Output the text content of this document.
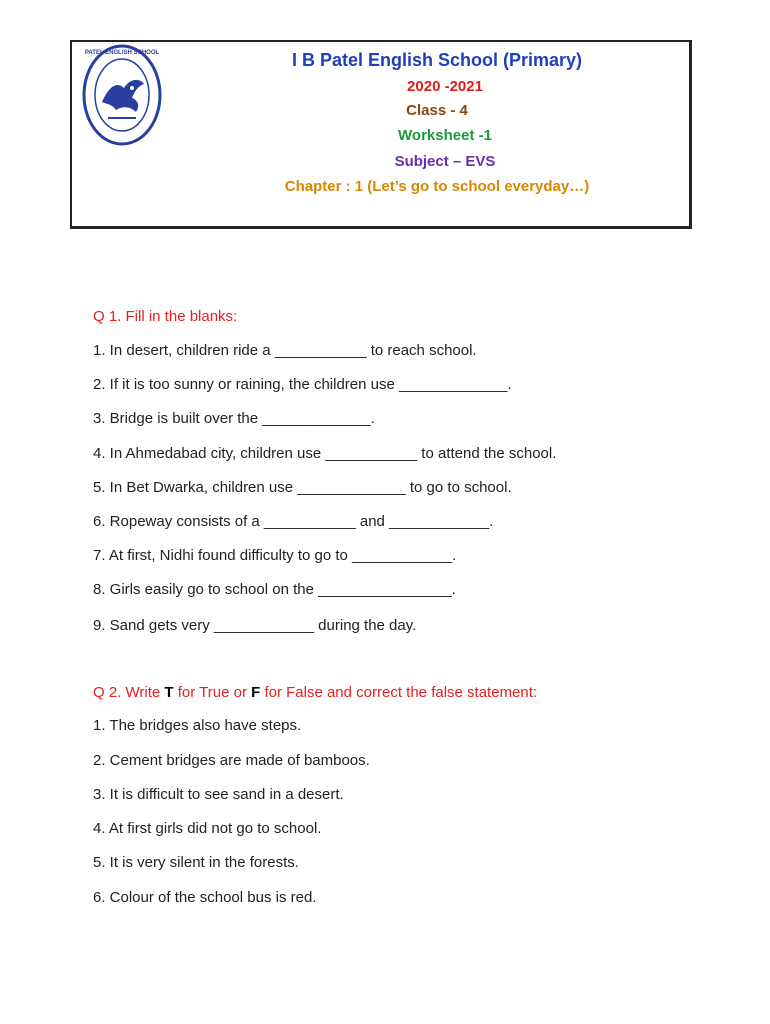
PATEL ENGLISH SCHOOL	I B Patel English School (Primary)
2020 -2021
Class - 4
Worksheet -1
Subject – EVS
Chapter : 1 (Let’s go to school everyday…)
Q 1. Fill in the blanks:
1. In desert, children ride a ___________ to reach school.
2. If it is too sunny or raining, the children use _____________.
3. Bridge is built over the _____________.
4. In Ahmedabad city, children use ___________ to attend the school.
5. In Bet Dwarka, children use _____________ to go to school.
6. Ropeway consists of a ___________ and ____________.
7. At first, Nidhi found difficulty to go to ____________.
8. Girls easily go to school on the ________________.
9. Sand gets very ____________ during the day.
Q 2. Write T for True or F for False and correct the false statement:
1. The bridges also have steps.
2. Cement bridges are made of bamboos.
3. It is difficult to see sand in a desert.
4. At first girls did not go to school.
5. It is very silent in the forests.
6. Colour of the school bus is red.
